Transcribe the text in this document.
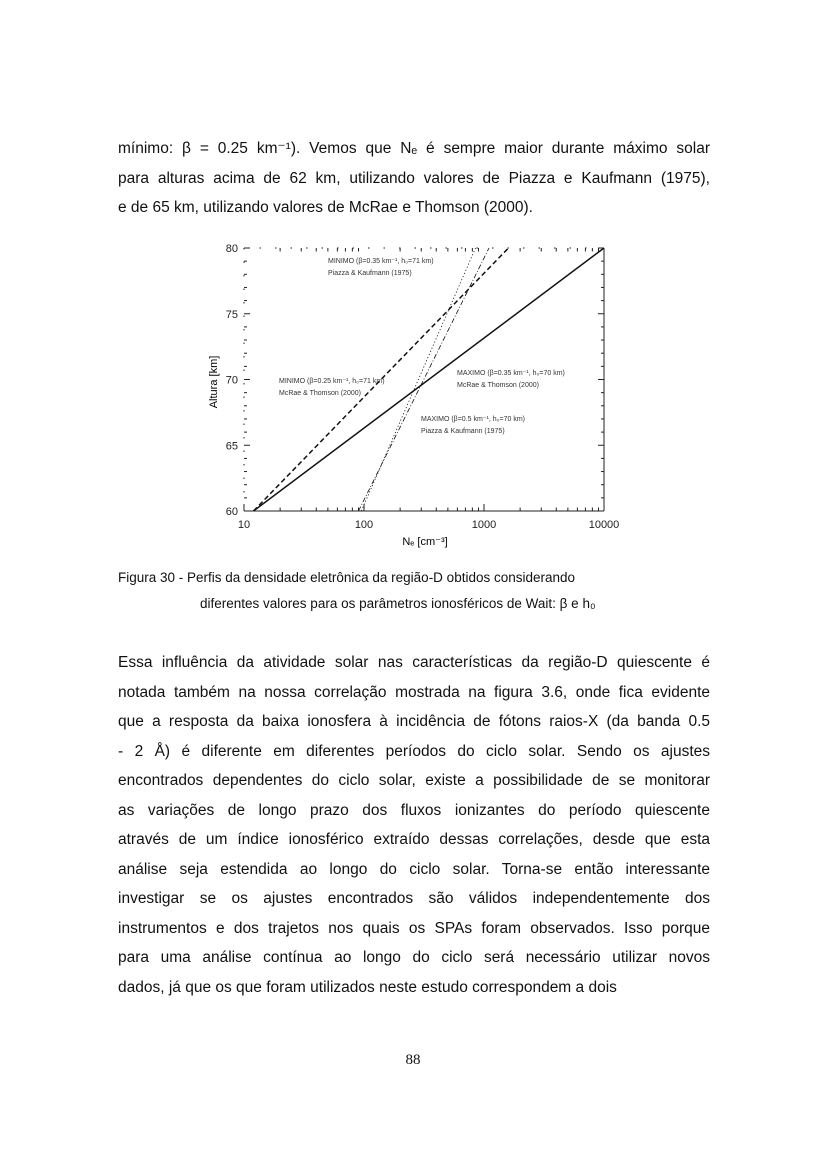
mínimo: β = 0.25 km⁻¹). Vemos que Nₑ é sempre maior durante máximo solar
para alturas acima de 62 km, utilizando valores de Piazza e Kaufmann (1975),
e de 65 km, utilizando valores de McRae e Thomson (2000).
10	100	1000	10000
60
65
70
75
80
MINIMO (β=0.35 km⁻¹, h₀=71 km)
Piazza & Kaufmann (1975)
MINIMO (β=0.25 km⁻¹, h₀=71 km)
McRae & Thomson (2000)
MAXIMO (β=0.35 km⁻¹, h₀=70 km)
McRae & Thomson (2000)
MAXIMO (β=0.5 km⁻¹, h₀=70 km)
Piazza & Kaufmann (1975)
Nₑ [cm⁻³]
Altura [km]
Figura 30 - Perfis da densidade eletrônica da região-D obtidos considerando
diferentes valores para os parâmetros ionosféricos de Wait: β e h₀
Essa influência da atividade solar nas características da região-D quiescente é
notada também na nossa correlação mostrada na figura 3.6, onde fica evidente
que a resposta da baixa ionosfera à incidência de fótons raios-X (da banda 0.5
- 2 Å) é diferente em diferentes períodos do ciclo solar. Sendo os ajustes
encontrados dependentes do ciclo solar, existe a possibilidade de se monitorar
as variações de longo prazo dos fluxos ionizantes do período quiescente
através de um índice ionosférico extraído dessas correlações, desde que esta
análise seja estendida ao longo do ciclo solar. Torna-se então interessante
investigar se os ajustes encontrados são válidos independentemente dos
instrumentos e dos trajetos nos quais os SPAs foram observados. Isso porque
para uma análise contínua ao longo do ciclo será necessário utilizar novos
dados, já que os que foram utilizados neste estudo correspondem a dois
88
